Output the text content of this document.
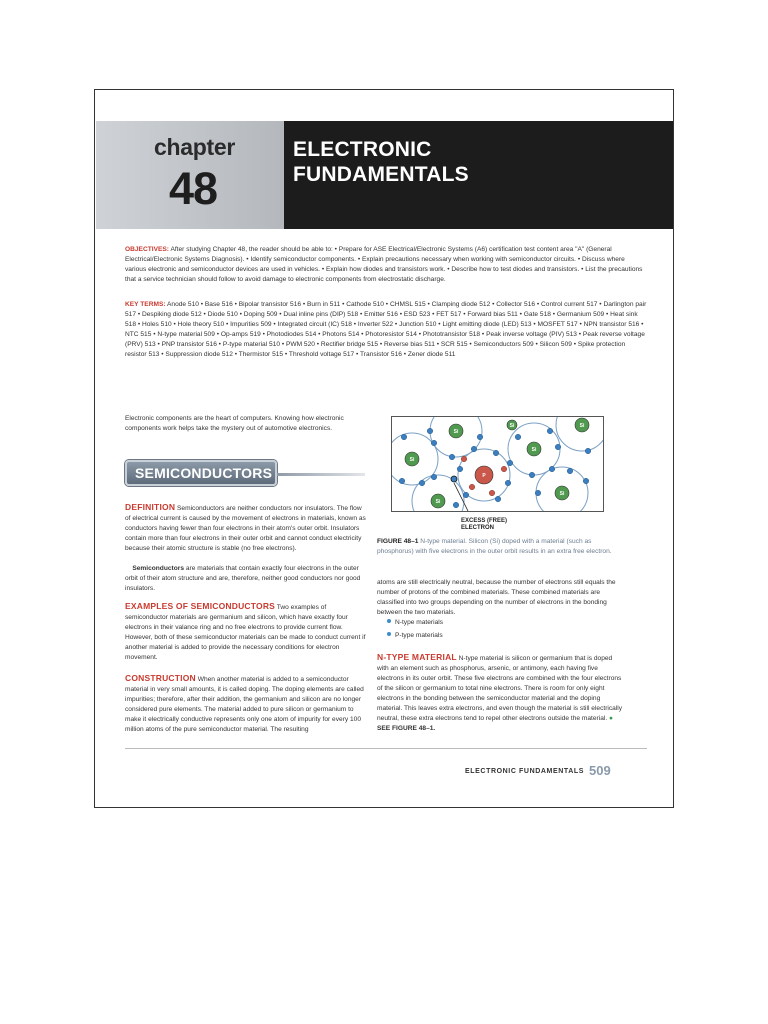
chapter
48
ELECTRONIC
FUNDAMENTALS
OBJECTIVES: After studying Chapter 48, the reader should be able to: • Prepare for ASE Electrical/Electronic Systems (A6) certification test content area "A" (General Electrical/Electronic Systems Diagnosis). • Identify semiconductor components. • Explain precautions necessary when working with semiconductor circuits. • Discuss where various electronic and semiconductor devices are used in vehicles. • Explain how diodes and transistors work. • Describe how to test diodes and transistors. • List the precautions that a service technician should follow to avoid damage to electronic components from electrostatic discharge.
KEY TERMS: Anode 510 • Base 516 • Bipolar transistor 516 • Burn in 511 • Cathode 510 • CHMSL 515 • Clamping diode 512 • Collector 516 • Control current 517 • Darlington pair 517 • Despiking diode 512 • Diode 510 • Doping 509 • Dual inline pins (DIP) 518 • Emitter 516 • ESD 523 • FET 517 • Forward bias 511 • Gate 518 • Germanium 509 • Heat sink 518 • Holes 510 • Hole theory 510 • Impurities 509 • Integrated circuit (IC) 518 • Inverter 522 • Junction 510 • Light emitting diode (LED) 513 • MOSFET 517 • NPN transistor 516 • NTC 515 • N-type material 509 • Op-amps 519 • Photodiodes 514 • Photons 514 • Photoresistor 514 • Phototransistor 518 • Peak inverse voltage (PIV) 513 • Peak reverse voltage (PRV) 513 • PNP transistor 516 • P-type material 510 • PWM 520 • Rectifier bridge 515 • Reverse bias 511 • SCR 515 • Semiconductors 509 • Silicon 509 • Spike protection resistor 513 • Suppression diode 512 • Thermistor 515 • Threshold voltage 517 • Transistor 516 • Zener diode 511
Electronic components are the heart of computers. Knowing how electronic components work helps take the mystery out of automotive electronics.
SEMICONDUCTORS
DEFINITION Semiconductors are neither conductors nor insulators. The flow of electrical current is caused by the movement of electrons in materials, known as conductors having fewer than four electrons in their atom's outer orbit. Insulators contain more than four electrons in their outer orbit and cannot conduct electricity because their atomic structure is stable (no free electrons).
Semiconductors are materials that contain exactly four electrons in the outer orbit of their atom structure and are, therefore, neither good conductors nor good insulators.
EXAMPLES OF SEMICONDUCTORS Two examples of semiconductor materials are germanium and silicon, which have exactly four electrons in their valance ring and no free electrons to provide current flow. However, both of these semiconductor materials can be made to conduct current if another material is added to provide the necessary conditions for electron movement.
CONSTRUCTION When another material is added to a semiconductor material in very small amounts, it is called doping. The doping elements are called impurities; therefore, after their addition, the germanium and silicon are no longer considered pure elements. The material added to pure silicon or germanium to make it electrically conductive represents only one atom of impurity for every 100 million atoms of the pure semiconductor material. The resulting
Si
Si
Si
Si
Si
Si
Si
P
EXCESS (FREE) ELECTRON
FIGURE 48–1 N-type material. Silicon (Si) doped with a material (such as phosphorus) with five electrons in the outer orbit results in an extra free electron.
atoms are still electrically neutral, because the number of electrons still equals the number of protons of the combined materials. These combined materials are classified into two groups depending on the number of electrons in the bonding between the two materials.
N-type materials
P-type materials
N-TYPE MATERIAL N-type material is silicon or germanium that is doped with an element such as phosphorus, arsenic, or antimony, each having five electrons in its outer orbit. These five electrons are combined with the four electrons of the silicon or germanium to total nine electrons. There is room for only eight electrons in the bonding between the semiconductor material and the doping material. This leaves extra electrons, and even though the material is still electrically neutral, these extra electrons tend to repel other electrons outside the material. ● SEE FIGURE 48–1.
ELECTRONIC FUNDAMENTALS 509
